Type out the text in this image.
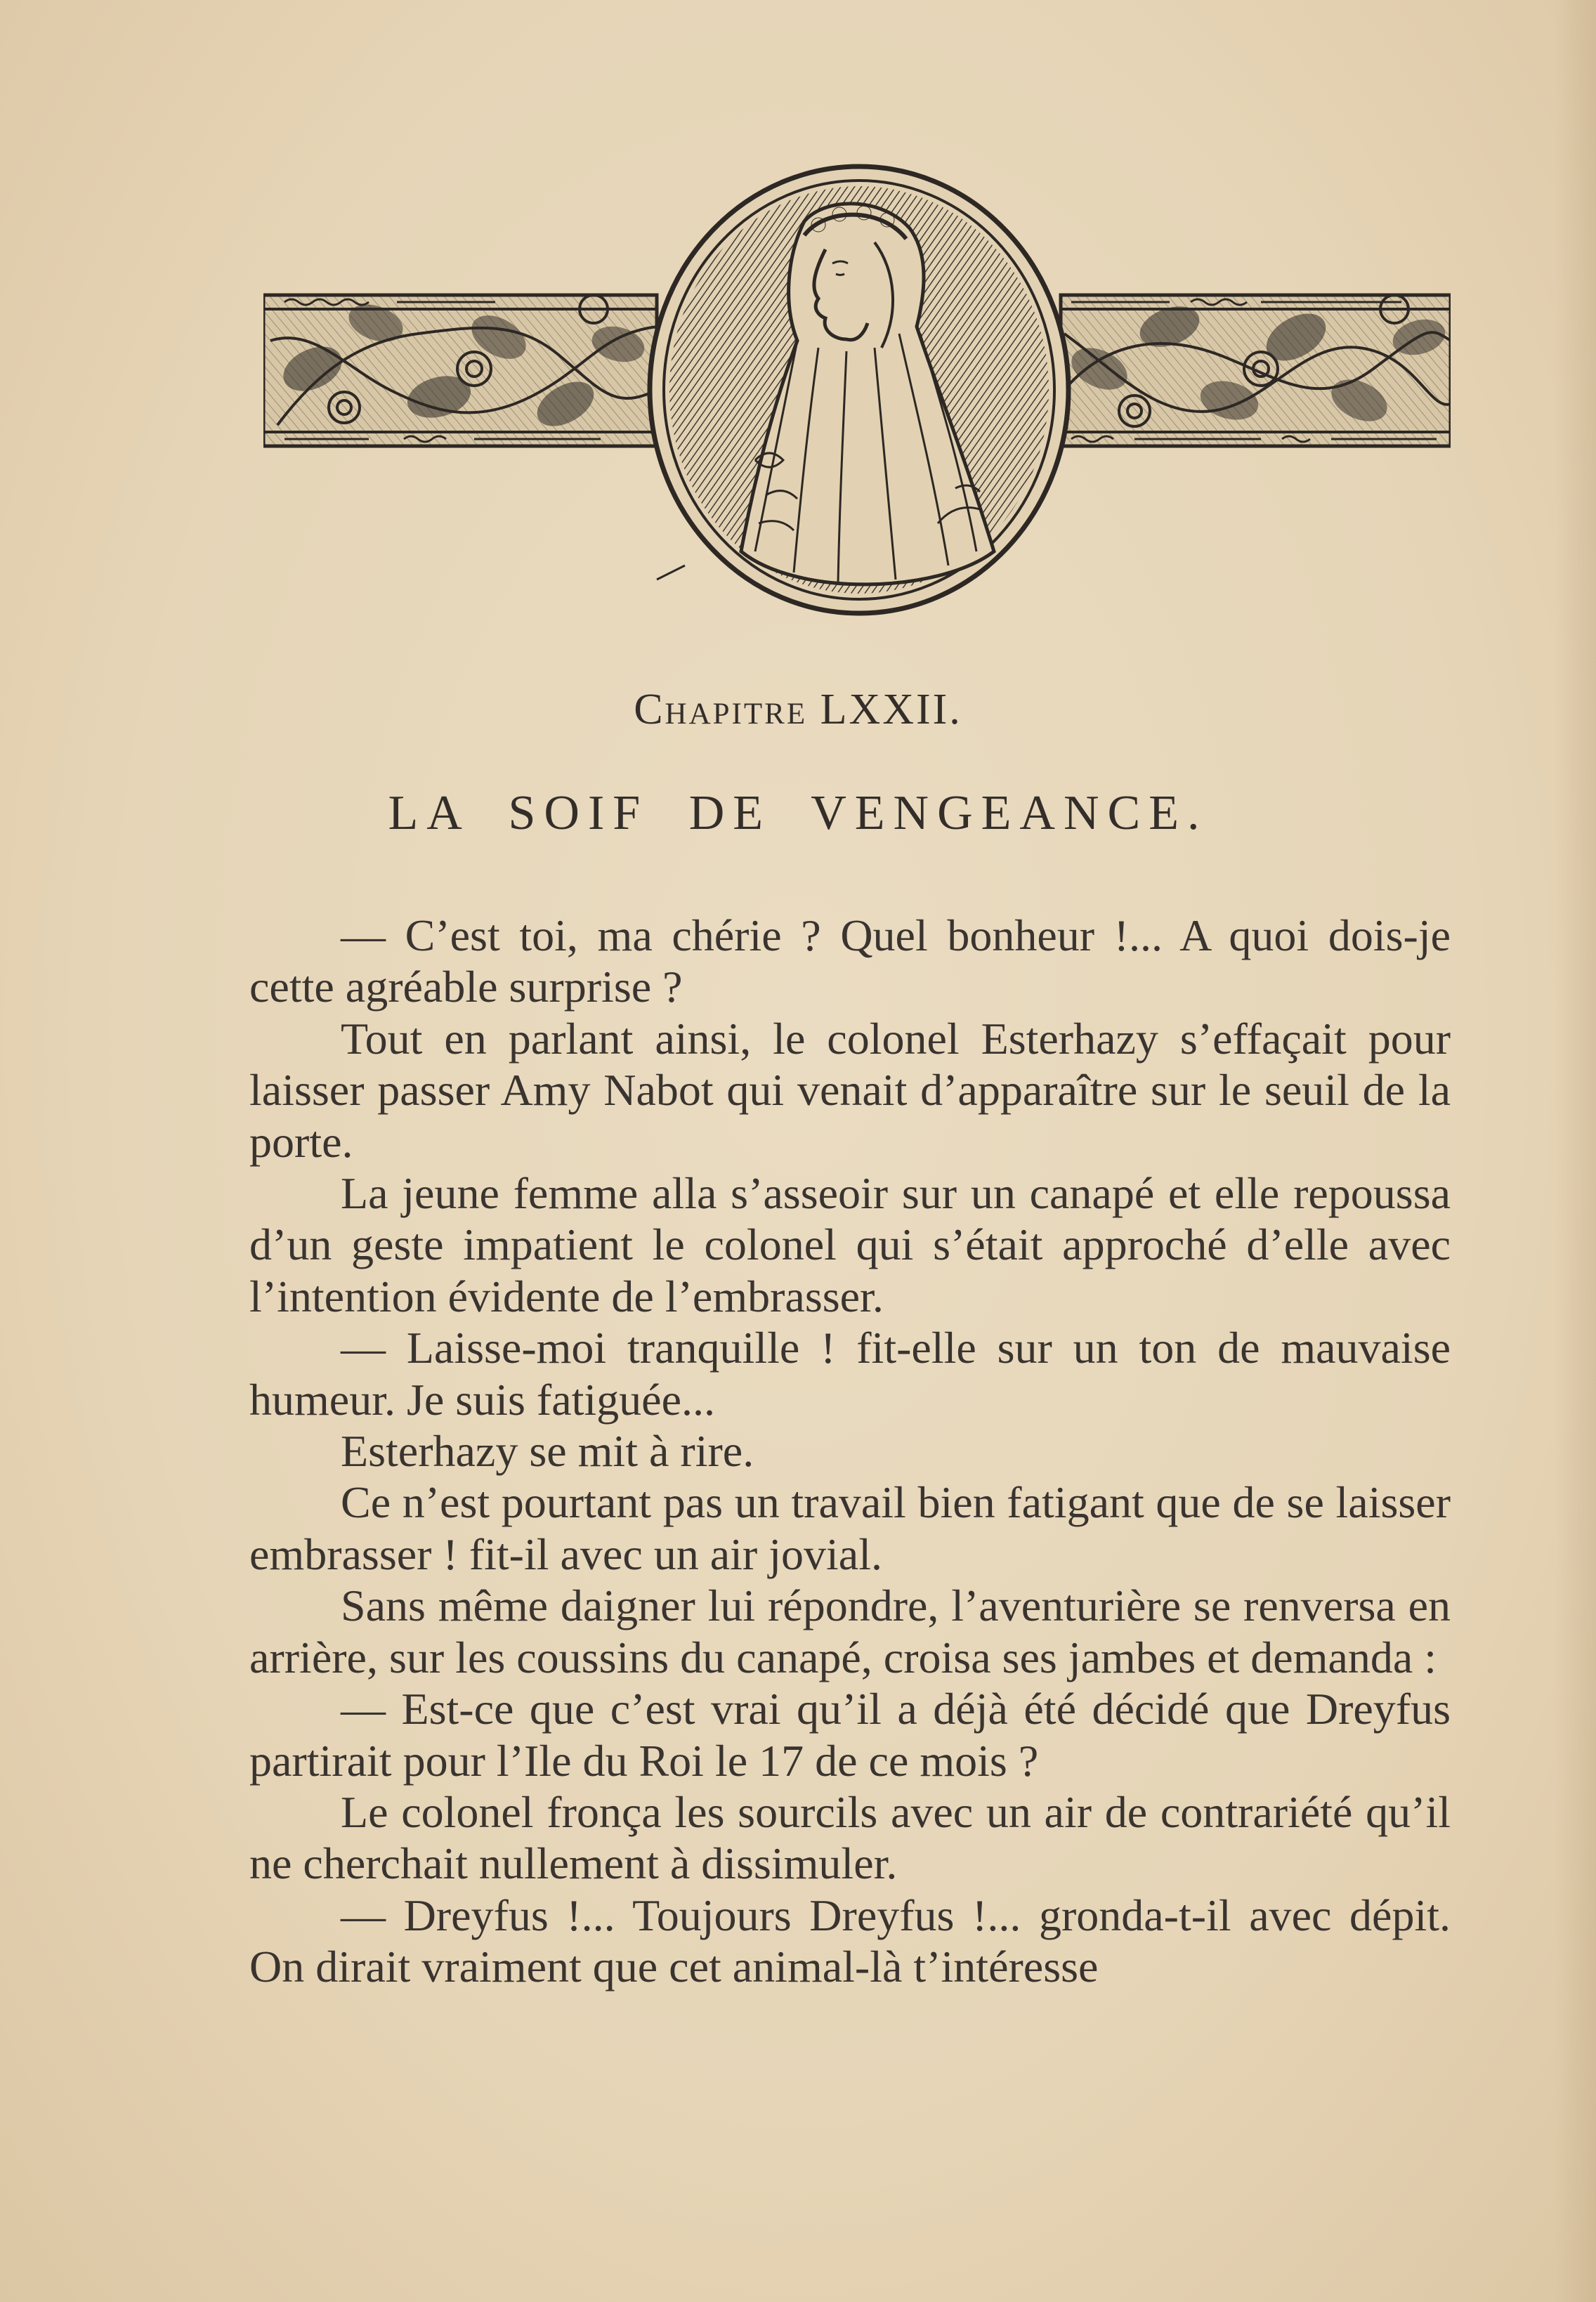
Chapitre LXXII.
LA SOIF DE VENGEANCE.

— C’est toi, ma chérie ? Quel bonheur !... A quoi dois-je cette agréable surprise ?

Tout en parlant ainsi, le colonel Esterhazy s’effaçait pour laisser passer Amy Nabot qui venait d’apparaître sur le seuil de la porte.

La jeune femme alla s’asseoir sur un canapé et elle repoussa d’un geste impatient le colonel qui s’était approché d’elle avec l’intention évidente de l’embrasser.

— Laisse-moi tranquille ! fit-elle sur un ton de mauvaise humeur. Je suis fatiguée...

Esterhazy se mit à rire.

Ce n’est pourtant pas un travail bien fatigant que de se laisser embrasser ! fit-il avec un air jovial.

Sans même daigner lui répondre, l’aventurière se renversa en arrière, sur les coussins du canapé, croisa ses jambes et demanda :

— Est-ce que c’est vrai qu’il a déjà été décidé que Dreyfus partirait pour l’Ile du Roi le 17 de ce mois ?

Le colonel fronça les sourcils avec un air de contrariété qu’il ne cherchait nullement à dissimuler.

— Dreyfus !... Toujours Dreyfus !... gronda-t-il avec dépit. On dirait vraiment que cet animal-là t’intéresse
